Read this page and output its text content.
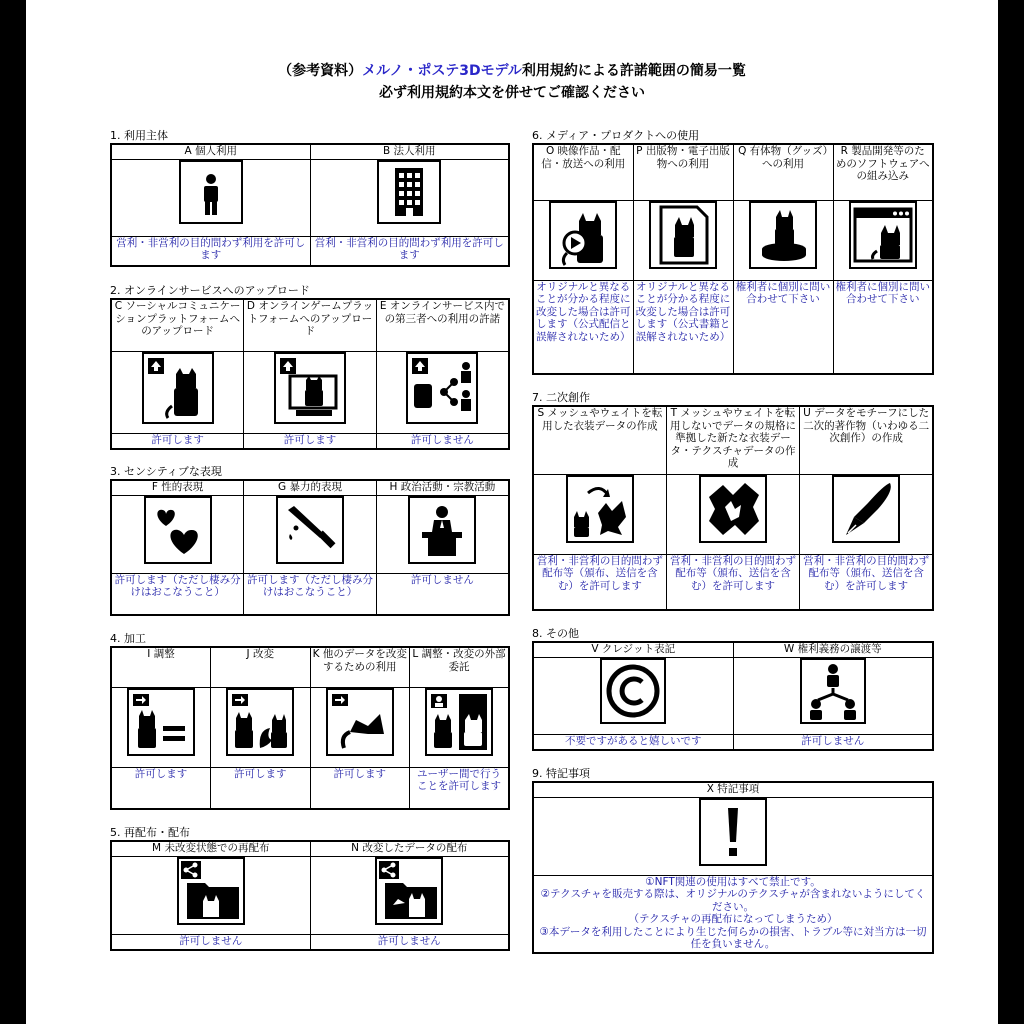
（参考資料）メルノ・ポステ3Dモデル利用規約による許諾範囲の簡易一覧
必ず利用規約本文を併せてご確認ください
1. 利用主体
A 個人利用	B 法人利用

営利・非営利の目的問わず利用を許可します	営利・非営利の目的問わず利用を許可します
2. オンラインサービスへのアップロード
C ソーシャルコミュニケーションプラットフォームへのアップロード	D オンラインゲームプラットフォームへのアップロード	E オンラインサービス内での第三者への利用の許諾

許可します	許可します	許可しません
3. センシティブな表現
F 性的表現	G 暴力的表現	H 政治活動・宗教活動

許可します（ただし棲み分けはおこなうこと）	許可します（ただし棲み分けはおこなうこと）	許可しません
4. 加工
I 調整	J 改変	K 他のデータを改変するための利用	L 調整・改変の外部委託

許可します	許可します	許可します	ユーザー間で行うことを許可します
5. 再配布・配布
M 未改変状態での再配布	N 改変したデータの配布

許可しません	許可しません
6. メディア・プロダクトへの使用
O 映像作品・配信・放送への利用	P 出版物・電子出版物への利用	Q 有体物（グッズ）への利用	R 製品開発等のためのソフトウェアへの組み込み

オリジナルと異なることが分かる程度に改変した場合は許可します（公式配信と誤解されないため）	オリジナルと異なることが分かる程度に改変した場合は許可します（公式書籍と誤解されないため）	権利者に個別に問い合わせて下さい	権利者に個別に問い合わせて下さい
7. 二次創作
S メッシュやウェイトを転用した衣装データの作成	T メッシュやウェイトを転用しないでデータの規格に準拠した新たな衣装データ・テクスチャデータの作成	U データをモチーフにした二次的著作物（いわゆる二次創作）の作成

営利・非営利の目的問わず配布等（頒布、送信を含む）を許可します	営利・非営利の目的問わず配布等（頒布、送信を含む）を許可します	営利・非営利の目的問わず配布等（頒布、送信を含む）を許可します
8. その他
V クレジット表記	W 権利義務の譲渡等

不要ですがあると嬉しいです	許可しません
9. 特記事項
X 特記事項

①NFT関連の使用はすべて禁止です。
②テクスチャを販売する際は、オリジナルのテクスチャが含まれないようにしてください。
（テクスチャの再配布になってしまうため）
③本データを利用したことにより生じた何らかの損害、トラブル等に対当方は一切任を負いません。
